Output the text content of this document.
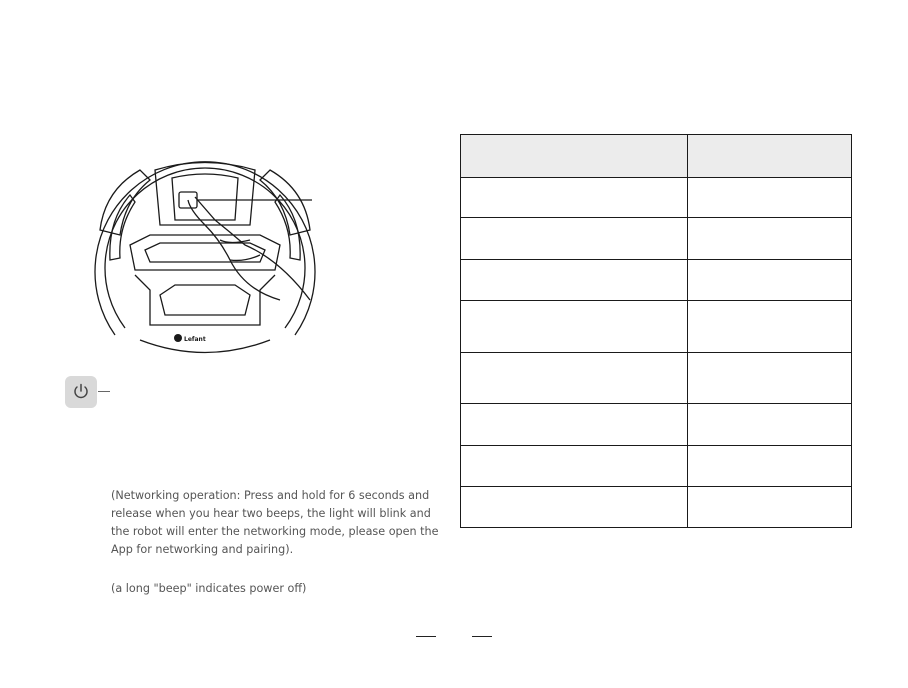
Lefant

(Networking operation: Press and hold for 6 seconds and release when you hear two beeps, the light will blink and the robot will enter the networking mode, please open the App for networking and pairing).

(a long "beep" indicates power off)
